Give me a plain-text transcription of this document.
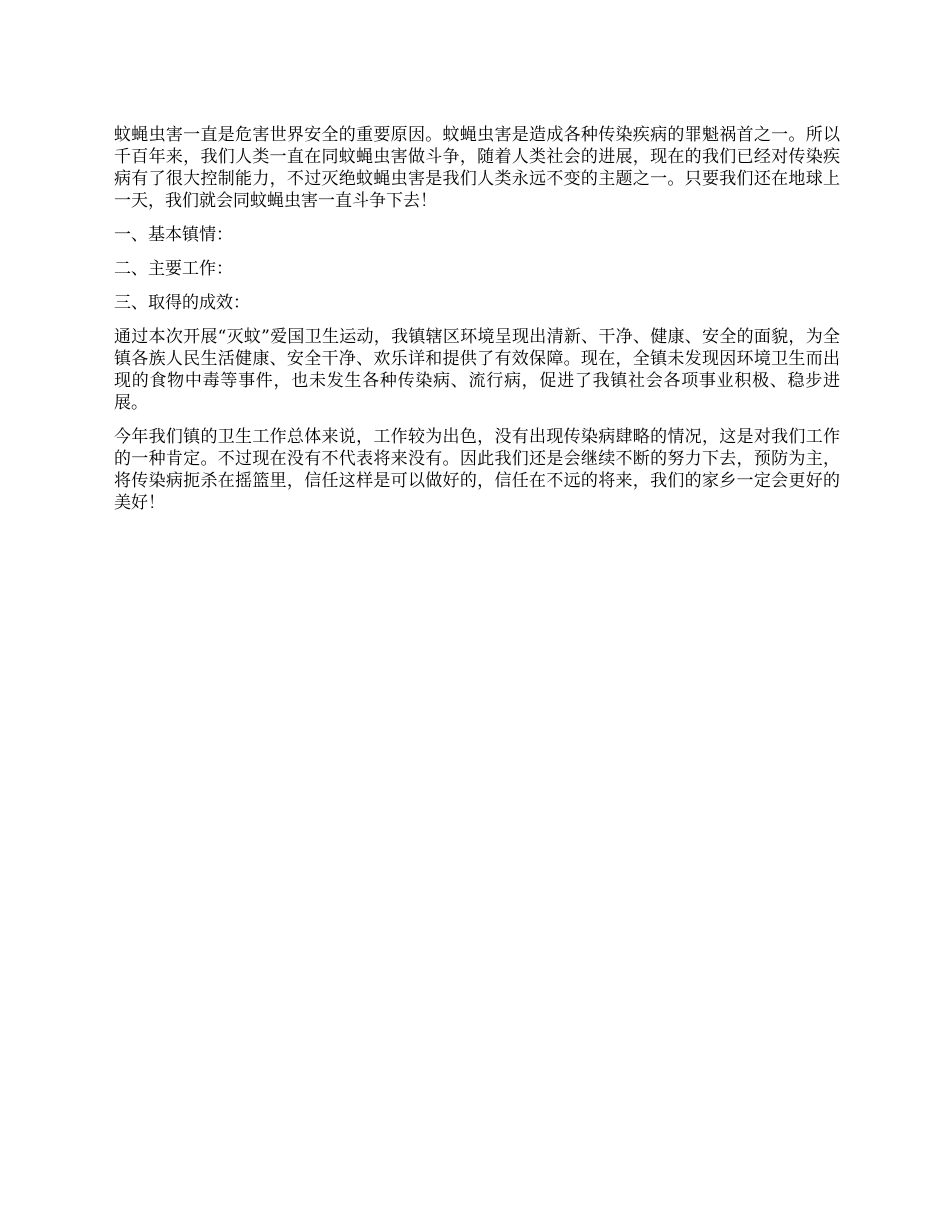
蚊蝇虫害一直是危害世界安全的重要原因。蚊蝇虫害是造成各种传染疾病的罪魁祸首之一。所以千百年来，我们人类一直在同蚊蝇虫害做斗争，随着人类社会的进展，现在的我们已经对传染疾病有了很大控制能力，不过灭绝蚊蝇虫害是我们人类永远不变的主题之一。只要我们还在地球上一天，我们就会同蚊蝇虫害一直斗争下去！

一、基本镇情：

二、主要工作：

三、取得的成效：

通过本次开展“灭蚊”爱国卫生运动，我镇辖区环境呈现出清新、干净、健康、安全的面貌，为全镇各族人民生活健康、安全干净、欢乐详和提供了有效保障。现在，全镇未发现因环境卫生而出现的食物中毒等事件，也未发生各种传染病、流行病，促进了我镇社会各项事业积极、稳步进展。

今年我们镇的卫生工作总体来说，工作较为出色，没有出现传染病肆略的情况，这是对我们工作的一种肯定。不过现在没有不代表将来没有。因此我们还是会继续不断的努力下去，预防为主，将传染病扼杀在摇篮里，信任这样是可以做好的，信任在不远的将来，我们的家乡一定会更好的美好！
